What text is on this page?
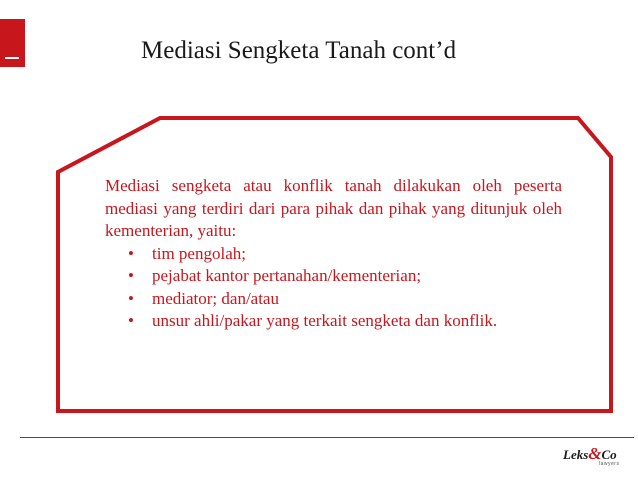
Mediasi Sengketa Tanah cont’d
Mediasi sengketa atau konflik tanah dilakukan oleh peserta mediasi yang terdiri dari para pihak dan pihak yang ditunjuk oleh kementerian, yaitu:
• tim pengolah;
• pejabat kantor pertanahan/kementerian;
• mediator; dan/atau
• unsur ahli/pakar yang terkait sengketa dan konflik.
Leks&Co
lawyers
